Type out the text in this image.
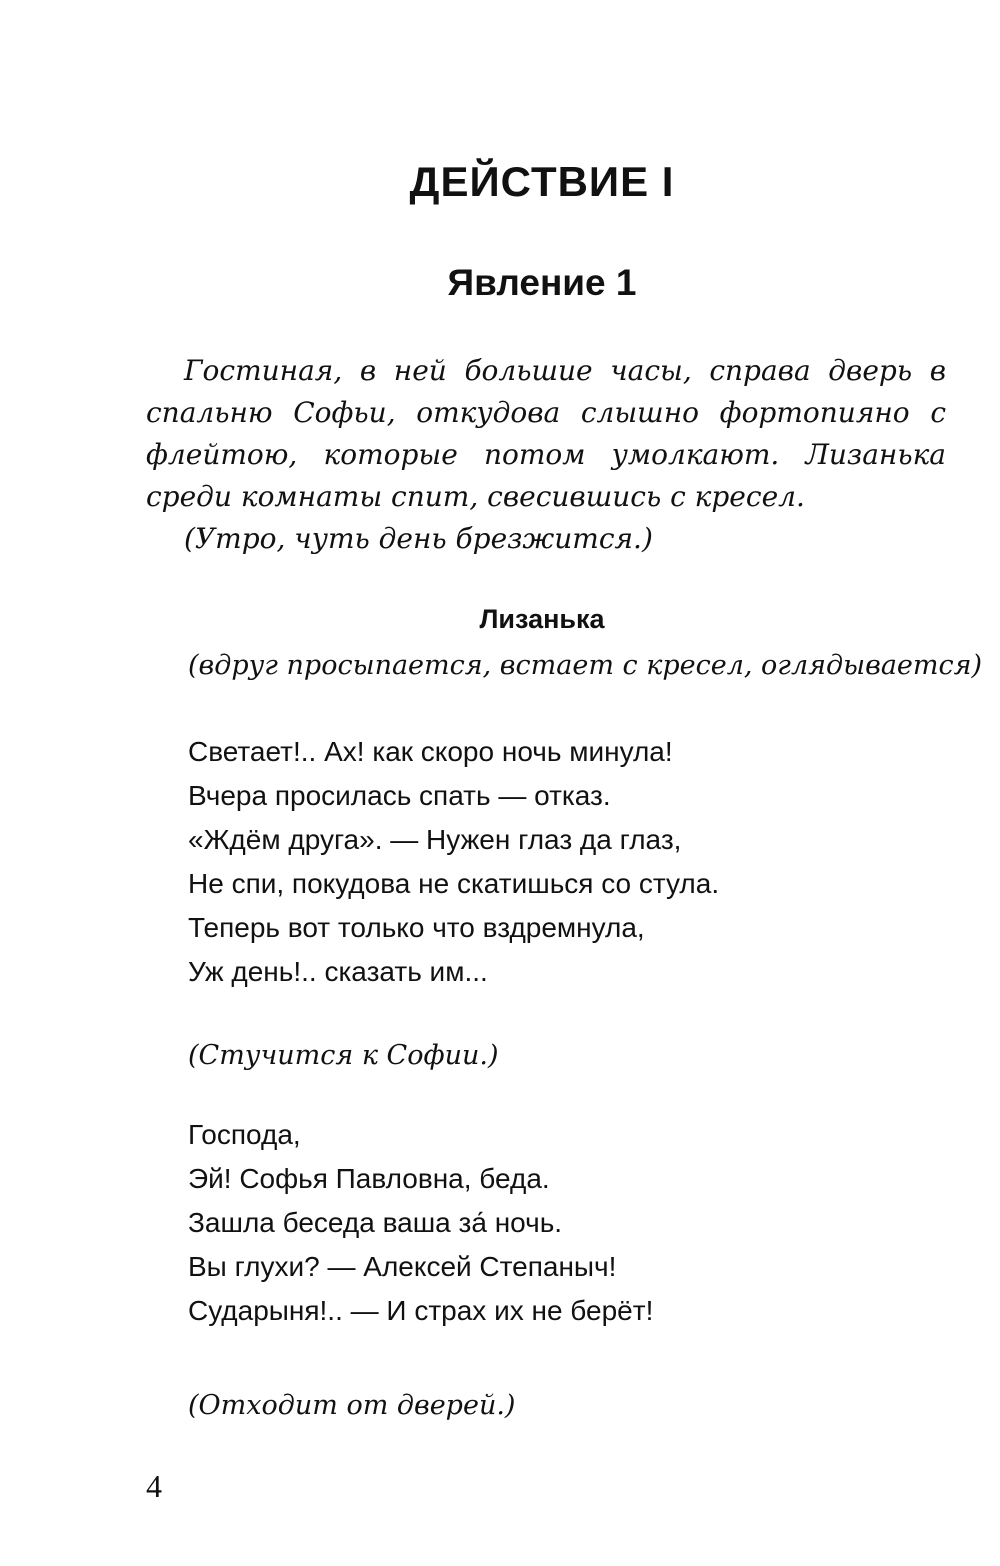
ДЕЙСТВИЕ I
Явление 1

Гостиная, в ней большие часы, справа дверь в спальню Софьи, откудова слышно фортопияно с флейтою, которые потом умолкают. Лизанька среди комнаты спит, свесившись с кресел.

(Утро, чуть день брезжится.)

Лизанька

(вдруг просыпается, встает с кресел, оглядывается)

Светает!.. Ах! как скоро ночь минула!
Вчера просилась спать — отказ.
«Ждём друга». — Нужен глаз да глаз,
Не спи, покудова не скатишься со стула.
Теперь вот только что вздремнула,
Уж день!.. сказать им...

(Стучится к Софии.)

Господа,
Эй! Софья Павловна, беда.
Зашла беседа ваша за́ ночь.
Вы глухи? — Алексей Степаныч!
Сударыня!.. — И страх их не берёт!

(Отходит от дверей.)

4
